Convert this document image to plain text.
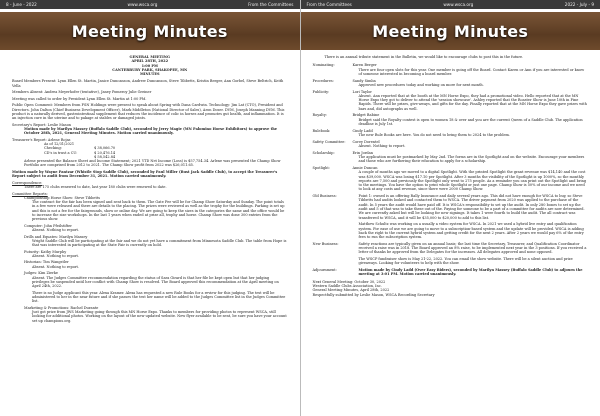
8 - June - 2022	www.wsca.org	From the Committees
Meeting Minutes
GENERAL MEETING
APRIL 28TH, 2022
1:00 PM
CANTERBURY PARK, SHAKOPEE, MN
MINUTES

Board Members Present: Lynn Ellen St. Martin, Janice Duncanson, Andrew Duncanson, Steve Tibbetts, Kristin Berger, Ann Gorbel, Steve Beltrich, Keith Vella

Members Absent: Andrea Meyerhofer (tentative), Janey Pomeroy Julie Greiner

Meeting was called to order by President Lynn Ellen St. Martin at 1:00 PM.

Public Open Comment: Members from FSN Holdings were present to speak about Spring with Dana Cardwin. Technology: Jim Lat (CTO), President and Directors. John Dalton (Chief Business Development Officer), Mark Middleton (National Director of Sales), Aron Doser. DVM, Joseph Manning DVM. This product is a naturally derived, gastrointestinal supplement that reduces the incidence of colic in horses and promotes gut health, and inflammation. It is an injection cure in the uterine and to pakage at stables or damaged joints.

Secretary's Report: Leslie Mason

Motion made by Marilyn Massey (Buffalo Saddle Club), seconded by Jerry Magie (MN Palomino Horse Exhibitors) to approve the October 28th, 2021, General Meeting Minutes. Motion carried unanimously.

Treasurer's Report: Arlene Rojas

As of 12/31/2021
Checking:	$ 38,066.70
CD's in trust a CU:	$ 20,476.14
$ 58,542.84

Arlene presented the Balance Sheet and Income Statement; 2021 YTD Net Income (Loss) is $57,754.34. Arlene was presented the Champ Show Portfolio are comprised from 2012 to 2021. The Champ Show profit from 2022 was $26,011.65.

Motion made by Wayne Pantzar (Whistle Stop Saddle Club), seconded by Paul Miller (Rust Jack Saddle Club), to accept the Treasurer's Report subject to audit from December 31, 2021. Motion carried unanimously.

Correspondence:

There are 175 clubs renewed to date, last year 180 clubs were renewed to date.

Committee Reports:

Championship Horse Show: Steve Tibbetts

The contract for the fair has been signed and sent back to them. The Gate Fee will be for Champ Show Saturday and Sunday. The point totals in a few were released and there are details to the placing. The prizes were reviewed as well as the trophy for the buildings. Parking is set up and this is not a fee for the fairgrounds, show or online day. We are going to keep the sizes in the categories the same and the office would be to increase the size workshops. In the last 1 years when ended at prize all, trophy and horse. Champ Show was done 300 entries from the previous show.

Computer: John Pfeilstifter

Absent. Nothing to report.

Drills and Equates: Marilyn Massey

Wright Saddle Club will be participating at the fair and we do not yet have a commitment from Minnesota Saddle Club. The table from Hope is that was interested in participating at the State Fair is currently on hold.

Futurity: Kathy Murphy

Absent. Nothing to report.

Historian: Tim Wangstler

Absent. Nothing to report.

Judges: Kim Zierke

Absent. The Judges Committee recommendation regarding the status of Sara Girard is that her file be kept open but that her judging privileges be suspended until her conflict with Champ Show is resolved. The Board approved this recommendation at the April meeting on April 24th, 2022.

There is no Judge applicant this year. Alexa Kramer. Alexa has requested a new Rule Books for a review for this judging. The test will be administered to her in the near future and if she passes the test her name will be added to the Judges Committee list in the Judges Committee list.

Marketing & Promotions: Rachel Durante

Just got prize from JWS Marketing going through this MN Horse Expo. Thanks to members for providing photos to represent WSCA, still looking for additional photos. Working on the layout of the new updated website. New flyer available to be sent, be sure you have your account set up champions.org.

From the Committees	www.wsca.org	2022 - July - 9
Meeting Minutes

There is an annual tribute statement in the Bulletin, we would like to encourage clubs to post this in the future.

Nominating:	Karen Berger
There are four open slots for this year. One member is going off the Board. Contact Karen or Ann if you are interested or know of someone interested in becoming a board member.
Procedures:	Sandy Simba
Approved new procedures today and working on more for next month.
Publicity:	Lori Taylor
Absent. Ann reported that at the booth at the MN Horse Expo, they had a promotional video. Hello reported that at the MN Horse Expo they got to deliver to attend the 'session showcase'. Ashley reported that the Roaster Show is June 10th in Pine Rapids. There will be prizes, give-aways, and gifts for the day. Finally reported that at the MN Horse Expo they gave prizes with bars and, did autographs as well.
Royalty:	Bridget Babine
Bridget said the Royalty contest is open to women 18 & over and you are the current Queen of a Saddle Club. The application deadline is July 1st.
Rulebook:	Cindy Ladd
The new Rule Books are here. You do not need to bring them to 2024 to the problem.
Safety Committee:	Corey Dorentel
Absent. Nothing to report.
Scholarship:	Erin Jordan
The application must be postmarked by May 2nd. The forms are in the Spotlight and on the website. Encourage your members and those who are furthering their education to apply for a scholarship.
Spotlight:	Annie Duncan
A couple of months ago we moved to a digital Spotlight. With the printed Spotlight the grant revenue was $14,140 and the cost was $39,000. WSCA was losing $17.10 per Spotlight. After 3 months the visibility of the Spotlight is up 1000%, so the monthly reports are 7,500 and previously the Spotlight only went to 275 people. As a reminder you can print out the Spotlight and bring to the meetings. You have the option to print whole Spotlight or just one page. Champ Show is 50% of our income and we need to look at any costs and revenue, since there were 2000 Champ Show.
Old Business:	Point 1: owned is an offering Rally Insurance and daily several years ago. This did not have enough for WSCA to buy, so Steve Tibbetts had audits looked and contacted them to WSCA. The driver payment from 2020 was applied to the purchase of the audit. In 5 years the audit would have paid off. It is WSCA's responsibility to set up the audit. In only 280 bones to set up the audit and 5 of that was to take these out of the. Paying for someone to be a part of a committee for audits are now determined. We are currently asked but will be looking for new signings. It takes 1 were fourth to build the audit. The all contract was transferred to WSCA, and it will be $35,000 to $20,000 to add to this list.
Matthew Schultz was working on a usually a video system for WSCA. In 2021 we used a hybrid live entry and qualification system. For ease of use we are going to move to a subscription-based system and the update will be provided. WSCA is adding back the right to the current hybrid system and getting credit for the next 2 years. After 2 years we would pay 6% of the entry fees to run the subscription system.
New Business:	Safety reactions are typically given on an annual basis; the last time the Secretary, Treasurer, and Qualification Coordinator received a raise was in 2018. The Board approved an 8% raise, to be implemented next year in the 3 positions. If you received a letter of thanks be approved from the Delegates for the increases. All delegates approved and none opposed.
The WSCP fundraiser show is May 21-22, 2022. You can email the show website. There will be a silent auction and prize giveaways. Looking for volunteers to help with the show.
Adjournment:	Motion made by Cindy Ladd (Over Easy Riders), seconded by Marilyn Massey (Buffalo Saddle Club) to adjourn the meeting at 3:01 PM. Motion carried unanimously.
Next General Meeting: October 30, 2022
Western Saddle Clubs Association, Inc.
General Meeting Minutes, April 28th, 2022
Respectfully submitted by Leslie Mason, WSCA Recording Secretary
